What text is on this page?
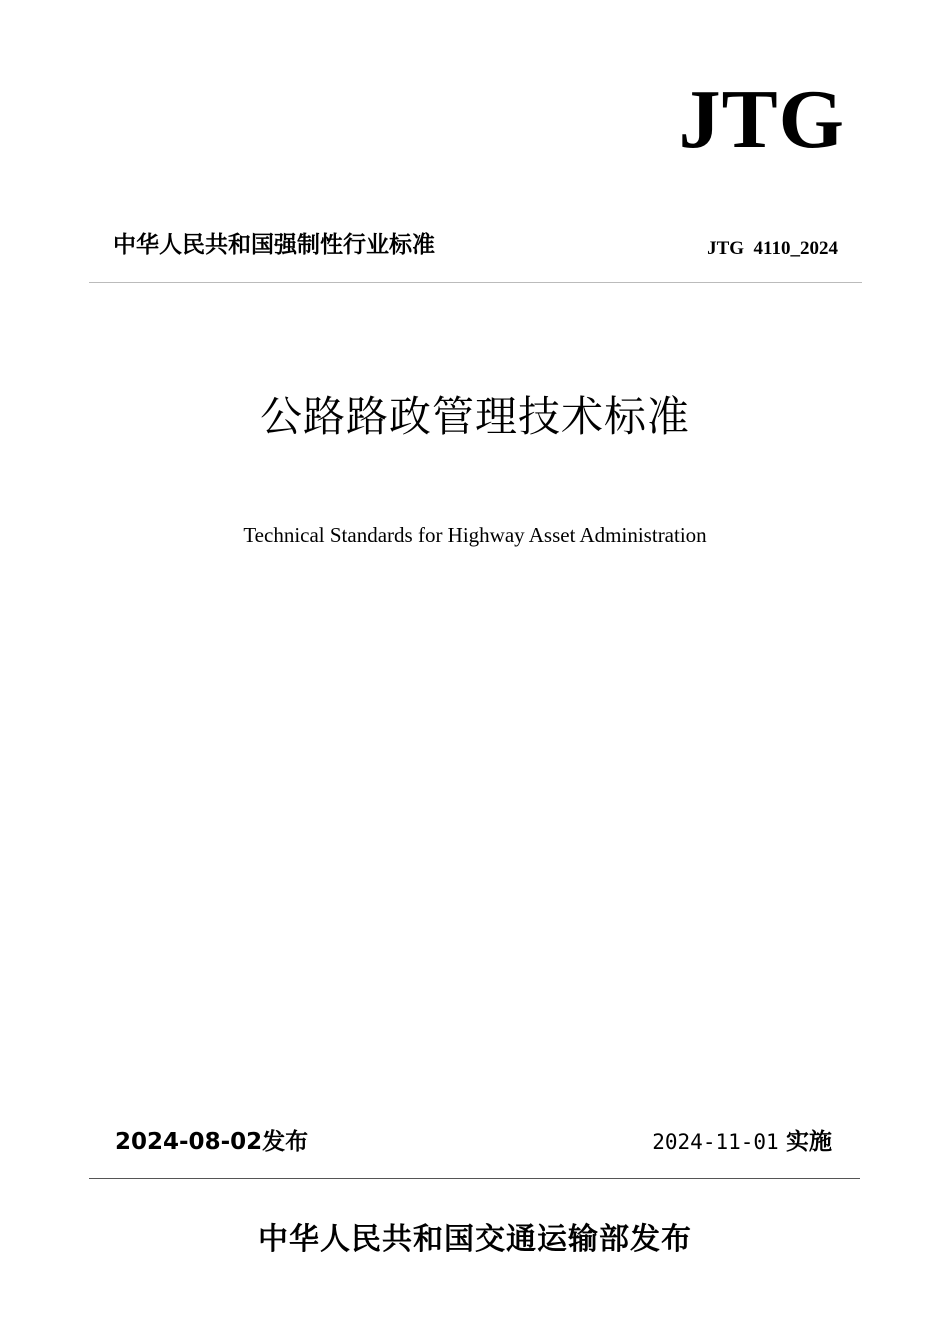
JTG
中华人民共和国强制性行业标准	JTG  4110_2024
公路路政管理技术标准
Technical Standards for Highway Asset Administration
2024-08-02发布	2024-11-01 实施
中华人民共和国交通运输部发布
